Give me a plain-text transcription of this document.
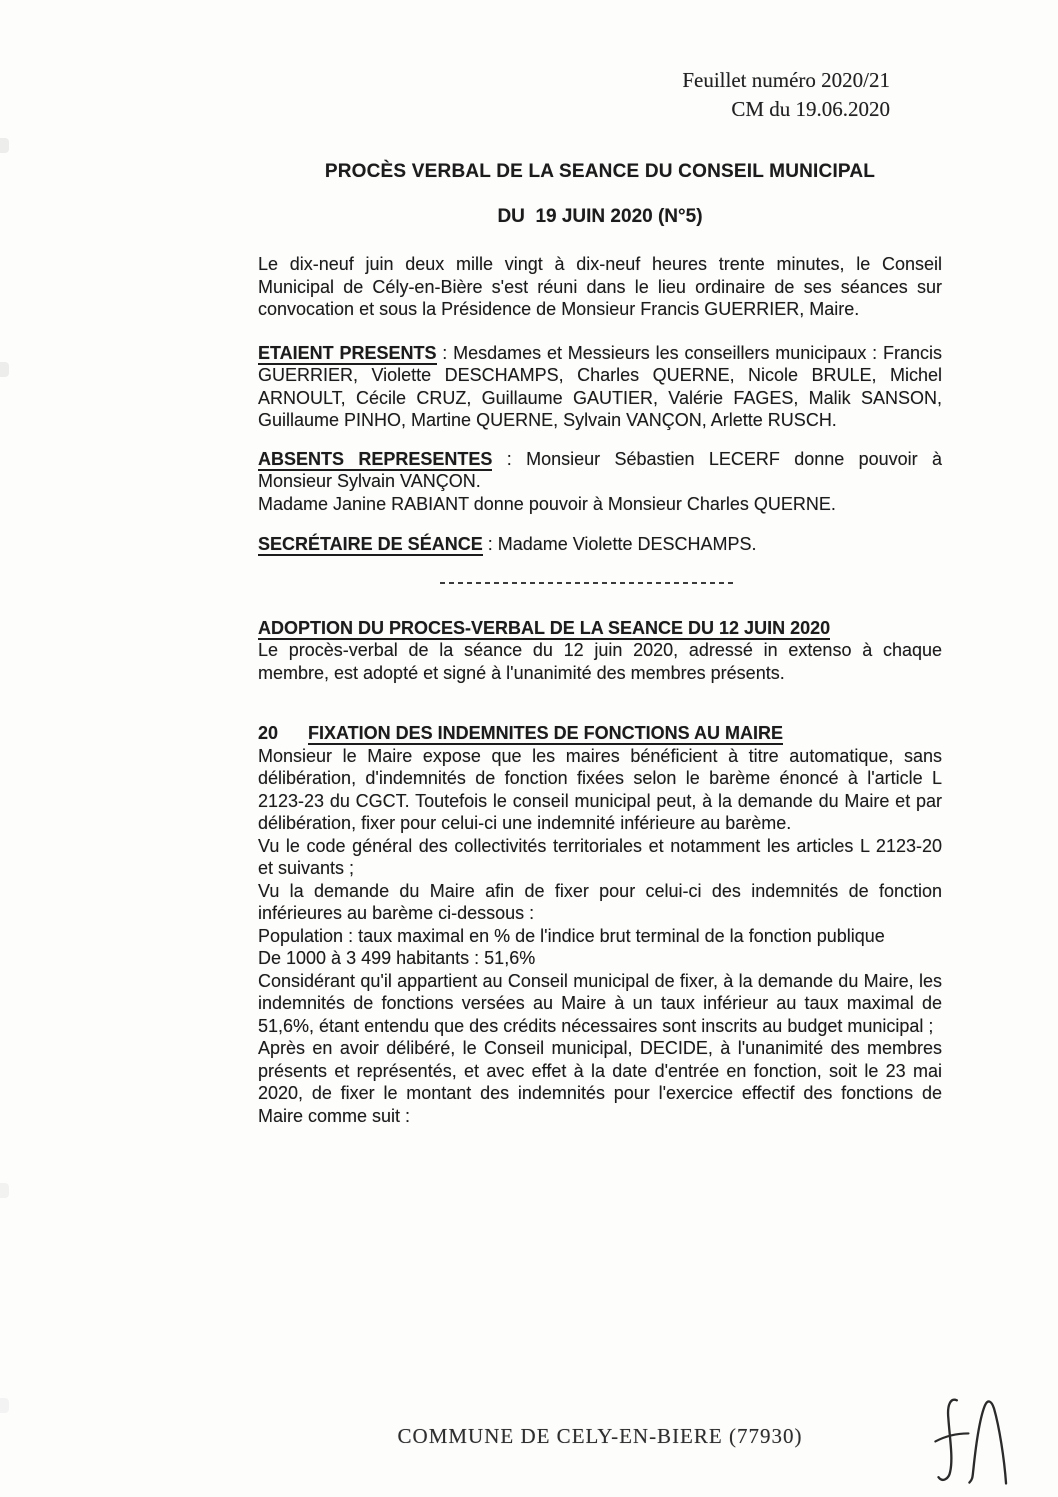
Feuillet numéro 2020/21
CM du 19.06.2020
PROCÈS VERBAL DE LA SEANCE DU CONSEIL MUNICIPAL
DU  19 JUIN 2020 (N°5)

Le dix-neuf juin deux mille vingt à dix-neuf heures trente minutes, le Conseil Municipal de Cély-en-Bière s'est réuni dans le lieu ordinaire de ses séances sur convocation et sous la Présidence de Monsieur Francis GUERRIER, Maire.

ETAIENT PRESENTS : Mesdames et Messieurs les conseillers municipaux : Francis GUERRIER, Violette DESCHAMPS, Charles QUERNE, Nicole BRULE, Michel ARNOULT, Cécile CRUZ, Guillaume GAUTIER, Valérie FAGES, Malik SANSON, Guillaume PINHO, Martine QUERNE, Sylvain VANÇON, Arlette RUSCH.

ABSENTS REPRESENTES : Monsieur Sébastien LECERF donne pouvoir à Monsieur Sylvain VANÇON.
Madame Janine RABIANT donne pouvoir à Monsieur Charles QUERNE.

SECRÉTAIRE DE SÉANCE : Madame Violette DESCHAMPS.

ADOPTION DU PROCES-VERBAL DE LA SEANCE DU 12 JUIN 2020

Le procès-verbal de la séance du 12 juin 2020, adressé in extenso à chaque membre, est adopté et signé à l'unanimité des membres présents.

20 FIXATION DES INDEMNITES DE FONCTIONS AU MAIRE

Monsieur le Maire expose que les maires bénéficient à titre automatique, sans délibération, d'indemnités de fonction fixées selon le barème énoncé à l'article L 2123-23 du CGCT. Toutefois le conseil municipal peut, à la demande du Maire et par délibération, fixer pour celui-ci une indemnité inférieure au barème.

Vu le code général des collectivités territoriales et notamment les articles L 2123-20 et suivants ;

Vu la demande du Maire afin de fixer pour celui-ci des indemnités de fonction inférieures au barème ci-dessous :

Population : taux maximal en % de l'indice brut terminal de la fonction publique

De 1000 à 3 499 habitants : 51,6%

Considérant qu'il appartient au Conseil municipal de fixer, à la demande du Maire, les indemnités de fonctions versées au Maire à un taux inférieur au taux maximal de 51,6%, étant entendu que des crédits nécessaires sont inscrits au budget municipal ;

Après en avoir délibéré, le Conseil municipal, DECIDE, à l'unanimité des membres présents et représentés, et avec effet à la date d'entrée en fonction, soit le 23 mai 2020, de fixer le montant des indemnités pour l'exercice effectif des fonctions de Maire comme suit :

COMMUNE DE CELY-EN-BIERE (77930)
